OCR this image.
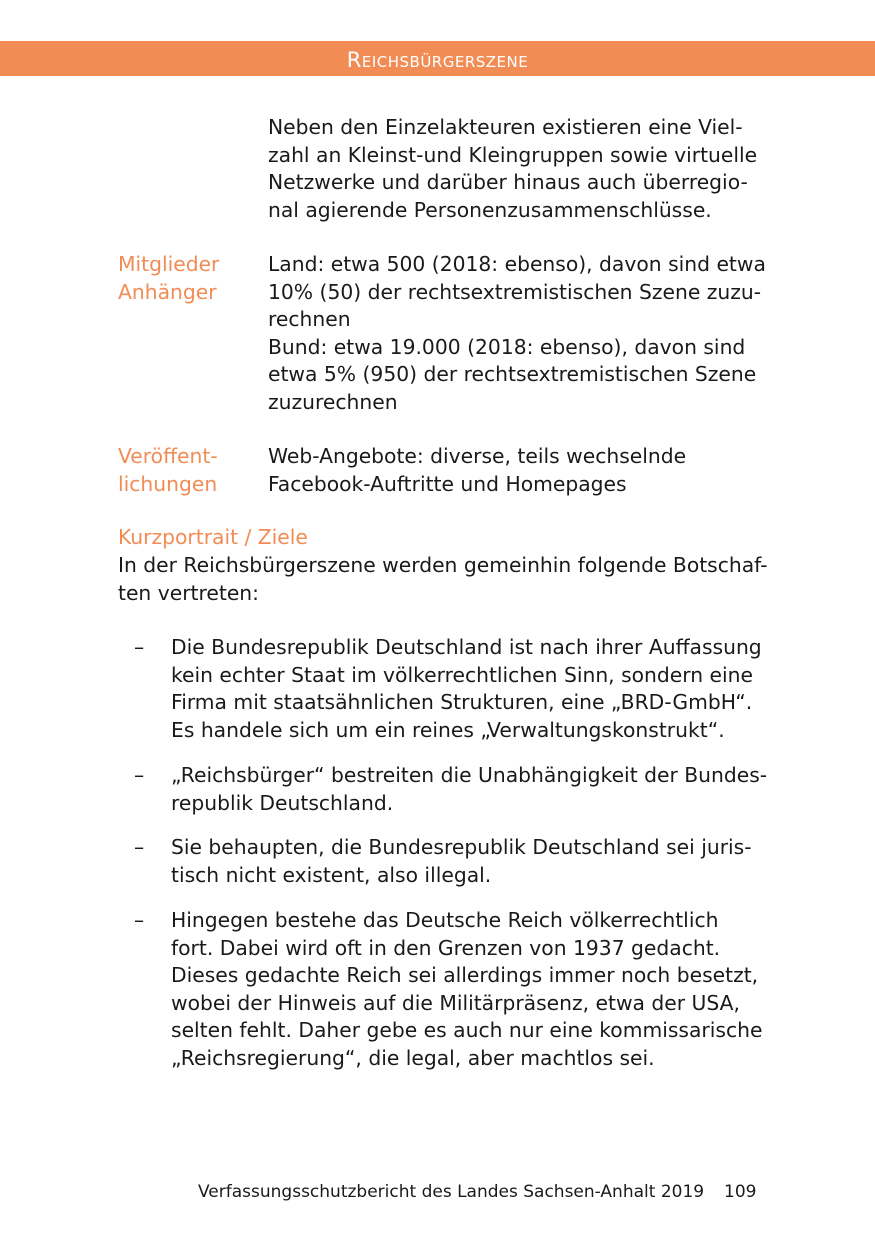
Reichsbürgerszene
Neben den Einzelakteuren existieren eine Viel-
zahl an Kleinst-und Kleingruppen sowie virtuelle
Netzwerke und darüber hinaus auch überregio-
nal agierende Personenzusammenschlüsse.
Mitglieder
Anhänger
Land: etwa 500 (2018: ebenso), davon sind etwa
10% (50) der rechtsextremistischen Szene zuzu-
rechnen
Bund: etwa 19.000 (2018: ebenso), davon sind
etwa 5% (950) der rechtsextremistischen Szene
zuzurechnen
Veröffent-
lichungen
Web-Angebote: diverse, teils wechselnde
Facebook-Auftritte und Homepages
Kurzportrait / Ziele
In der Reichsbürgerszene werden gemeinhin folgende Botschaf-
ten vertreten:
– Die Bundesrepublik Deutschland ist nach ihrer Auffassung
kein echter Staat im völkerrechtlichen Sinn, sondern eine
Firma mit staatsähnlichen Strukturen, eine „BRD-GmbH“.
Es handele sich um ein reines „Verwaltungskonstrukt“.
– „Reichsbürger“ bestreiten die Unabhängigkeit der Bundes-
republik Deutschland.
– Sie behaupten, die Bundesrepublik Deutschland sei juris-
tisch nicht existent, also illegal.
– Hingegen bestehe das Deutsche Reich völkerrechtlich
fort. Dabei wird oft in den Grenzen von 1937 gedacht.
Dieses gedachte Reich sei allerdings immer noch besetzt,
wobei der Hinweis auf die Militärpräsenz, etwa der USA,
selten fehlt. Daher gebe es auch nur eine kommissarische
„Reichsregierung“, die legal, aber machtlos sei.
Verfassungsschutzbericht des Landes Sachsen-Anhalt 2019 109
